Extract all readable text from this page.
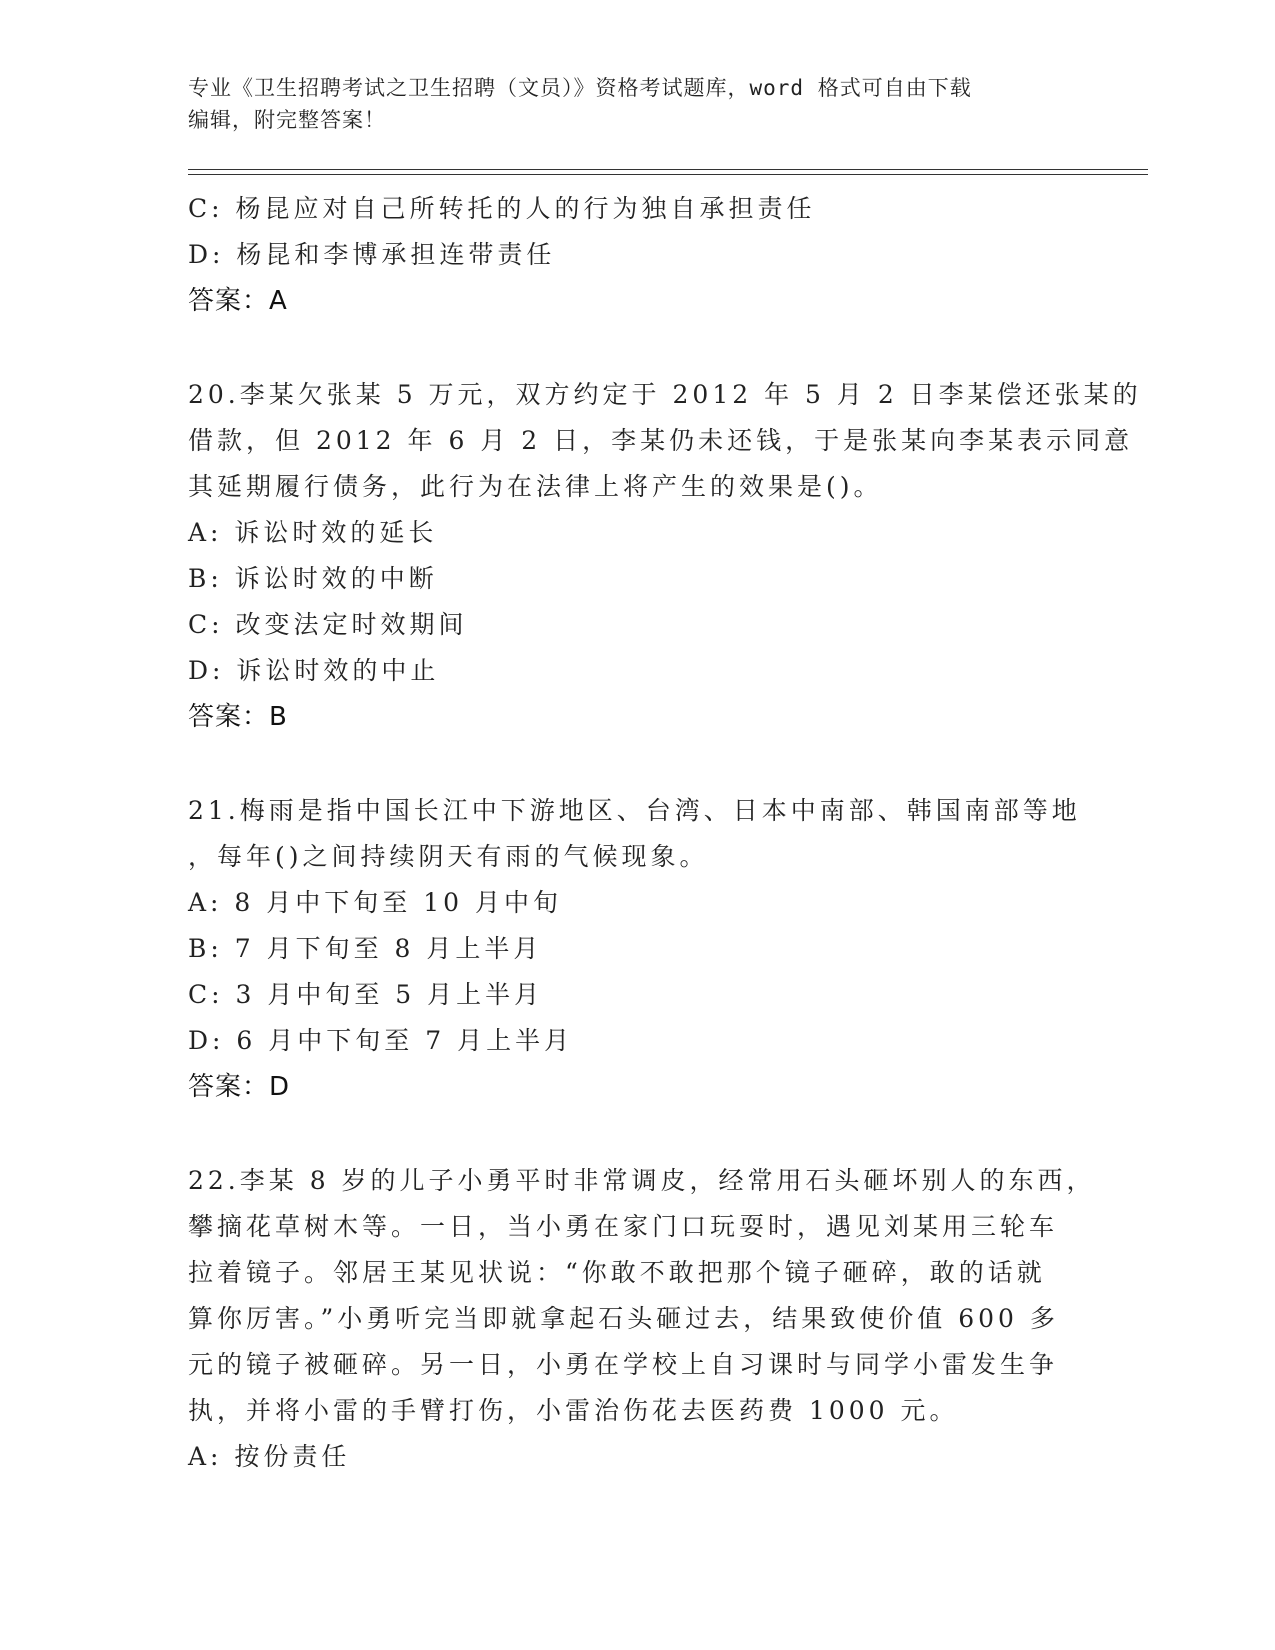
专业《卫生招聘考试之卫生招聘（文员）》资格考试题库，word 格式可自由下载
编辑，附完整答案！
C: 杨昆应对自己所转托的人的行为独自承担责任
D: 杨昆和李博承担连带责任
答案：A
20.李某欠张某 5 万元，双方约定于 2012 年 5 月 2 日李某偿还张某的
借款，但 2012 年 6 月 2 日，李某仍未还钱，于是张某向李某表示同意
其延期履行债务，此行为在法律上将产生的效果是()。
A: 诉讼时效的延长
B: 诉讼时效的中断
C: 改变法定时效期间
D: 诉讼时效的中止
答案：B
21.梅雨是指中国长江中下游地区、台湾、日本中南部、韩国南部等地
，每年()之间持续阴天有雨的气候现象。
A: 8 月中下旬至 10 月中旬
B: 7 月下旬至 8 月上半月
C: 3 月中旬至 5 月上半月
D: 6 月中下旬至 7 月上半月
答案：D
22.李某 8 岁的儿子小勇平时非常调皮，经常用石头砸坏别人的东西，
攀摘花草树木等。一日，当小勇在家门口玩耍时，遇见刘某用三轮车
拉着镜子。邻居王某见状说：“你敢不敢把那个镜子砸碎，敢的话就
算你厉害。”小勇听完当即就拿起石头砸过去，结果致使价值 600 多
元的镜子被砸碎。另一日，小勇在学校上自习课时与同学小雷发生争
执，并将小雷的手臂打伤，小雷治伤花去医药费 1000 元。
A: 按份责任
